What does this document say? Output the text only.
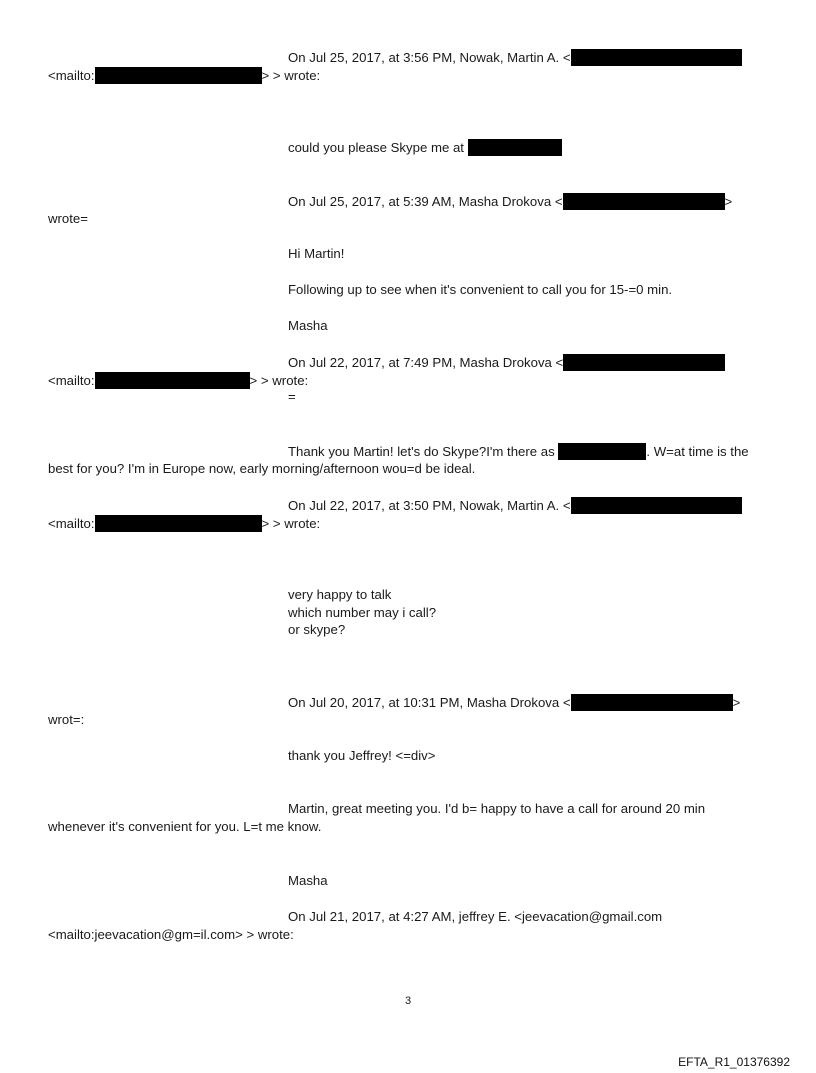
On Jul 25, 2017, at 3:56 PM, Nowak, Martin A. <
<mailto:	> > wrote:
could you please Skype me at
On Jul 25, 2017, at 5:39 AM, Masha Drokova <	>
wrote=
Hi Martin!
Following up to see when it's convenient to call you for 15-=0 min.
Masha
On Jul 22, 2017, at 7:49 PM, Masha Drokova <
<mailto:	> > wrote:
=
Thank you Martin! let's do Skype?I'm there as	. W=at time is the
best for you? I'm in Europe now, early morning/afternoon wou=d be ideal.
On Jul 22, 2017, at 3:50 PM, Nowak, Martin A. <
<mailto:	> > wrote:
very happy to talk
which number may i call?
or skype?
On Jul 20, 2017, at 10:31 PM, Masha Drokova <	>
wrot=:
thank you Jeffrey! <=div>
Martin, great meeting you. I'd b= happy to have a call for around 20 min
whenever it's convenient for you. L=t me know.
Masha
On Jul 21, 2017, at 4:27 AM, jeffrey E. <jeevacation@gmail.com
<mailto:jeevacation@gm=il.com> > wrote:
3
EFTA_R1_01376392
